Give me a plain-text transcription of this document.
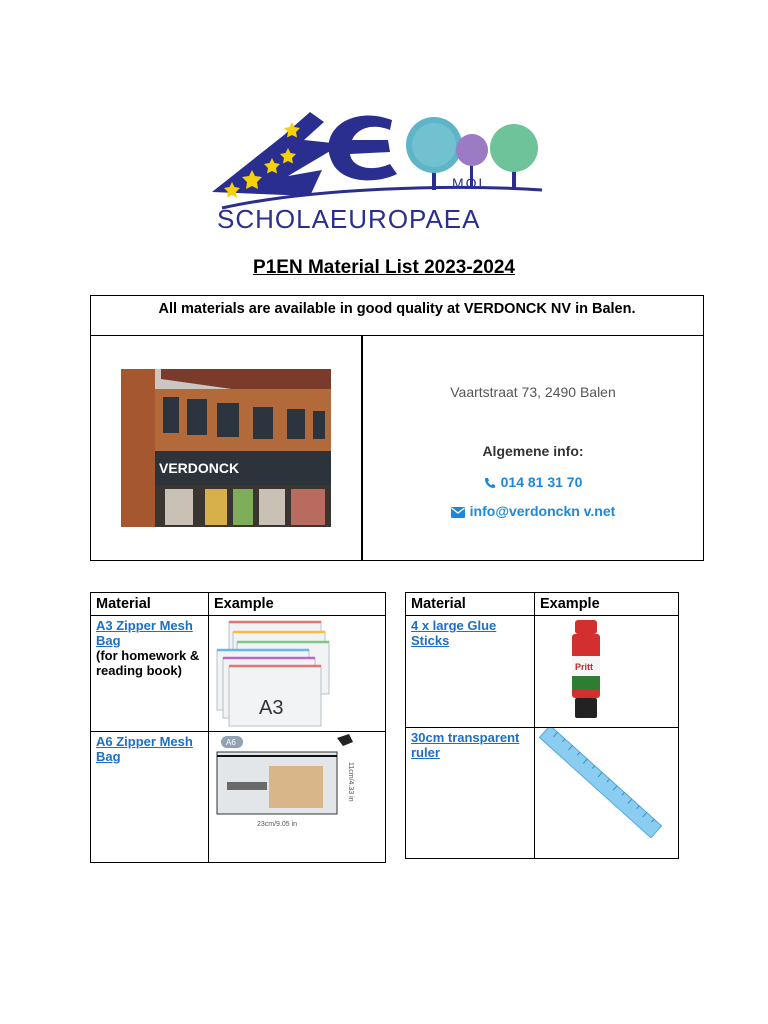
MOL
SCHOLAEUROPAEA
P1EN Material List 2023-2024
All materials are available in good quality at VERDONCK NV in Balen.
VERDONCK
Vaartstraat 73, 2490 Balen
Algemene info:
014 81 31 70
info@verdonckn v.net
Material	Example
A3 Zipper Mesh Bag
(for homework & reading book)	A3

A6 Zipper Mesh Bag	A6
11cm/4.33 in
23cm/9.05 in
Material	Example
4 x large Glue Sticks	Pritt

30cm transparent ruler	
